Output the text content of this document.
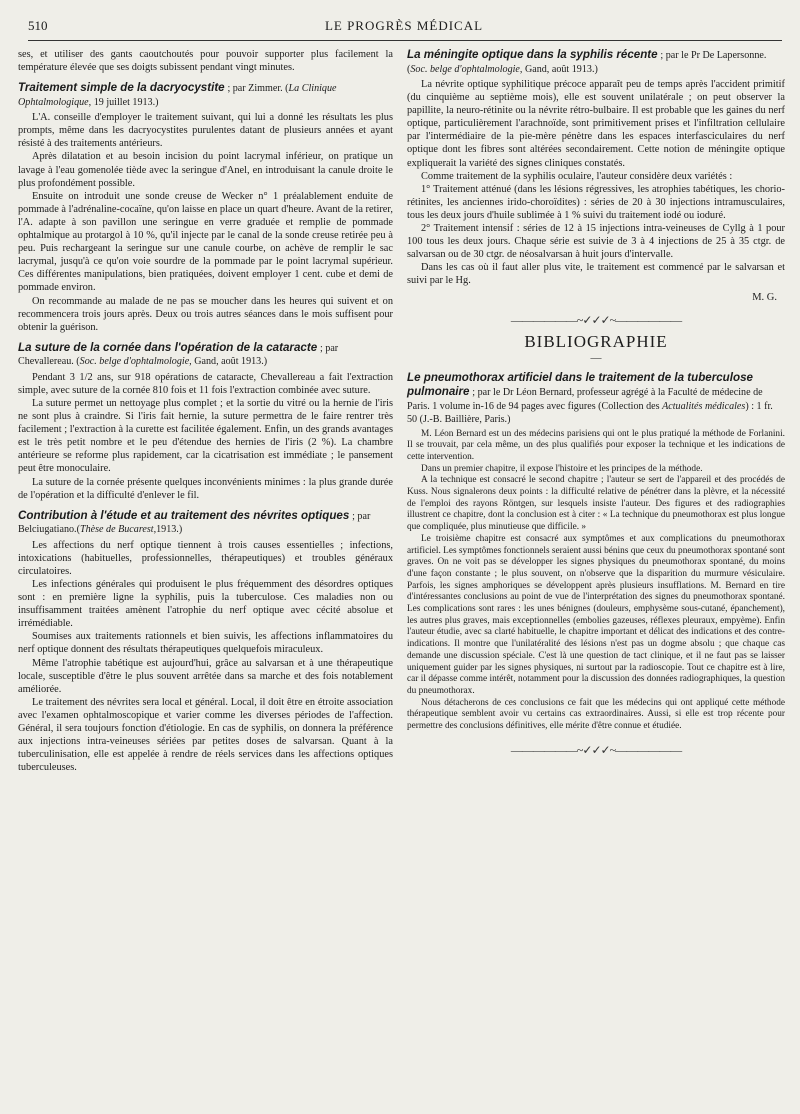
510	LE PROGRÈS MÉDICAL

ses, et utiliser des gants caoutchoutés pour pouvoir supporter plus facilement la température élevée que ses doigts subissent pendant vingt minutes.

Traitement simple de la dacryocystite ; par Zimmer. (La Clinique Ophtalmologique, 19 juillet 1913.)

L'A. conseille d'employer le traitement suivant, qui lui a donné les résultats les plus prompts, même dans les dacryocystites purulentes datant de plusieurs années et ayant résisté à des traitements antérieurs.

Après dilatation et au besoin incision du point lacrymal inférieur, on pratique un lavage à l'eau gomenolée tiède avec la seringue d'Anel, en introduisant la canule droite le plus profondément possible.

Ensuite on introduit une sonde creuse de Wecker n° 1 préalablement enduite de pommade à l'adrénaline-cocaïne, qu'on laisse en place un quart d'heure. Avant de la retirer, l'A. adapte à son pavillon une seringue en verre graduée et remplie de pommade ophtalmique au protargol à 10 %, qu'il injecte par le canal de la sonde creuse retirée peu à peu. Puis rechargeant la seringue sur une canule courbe, on achève de remplir le sac lacrymal, jusqu'à ce qu'on voie sourdre de la pommade par le point lacrymal supérieur. Ces différentes manipulations, bien pratiquées, doivent employer 1 cent. cube et demi de pommade environ.

On recommande au malade de ne pas se moucher dans les heures qui suivent et on recommencera trois jours après. Deux ou trois autres séances dans le mois suffisent pour obtenir la guérison.

La suture de la cornée dans l'opération de la cataracte ; par Chevallereau. (Soc. belge d'ophtalmologie, Gand, août 1913.)

Pendant 3 1/2 ans, sur 918 opérations de cataracte, Chevallereau a fait l'extraction simple, avec suture de la cornée 810 fois et 11 fois l'extraction combinée avec suture.

La suture permet un nettoyage plus complet ; et la sortie du vitré ou la hernie de l'iris ne sont plus à craindre. Si l'iris fait hernie, la suture permettra de le faire rentrer très facilement ; l'extraction à la curette est facilitée également. Enfin, un des grands avantages est le très petit nombre et le peu d'étendue des hernies de l'iris (2 %). La chambre antérieure se reforme plus rapidement, car la cicatrisation est immédiate ; le pansement peut être monoculaire.

La suture de la cornée présente quelques inconvénients minimes : la plus grande durée de l'opération et la difficulté d'enlever le fil.

Contribution à l'étude et au traitement des névrites optiques ; par Belciugatiano.(Thèse de Bucarest,1913.)

Les affections du nerf optique tiennent à trois causes essentielles ; infections, intoxications (habituelles, professionnelles, thérapeutiques) et troubles généraux circulatoires.

Les infections générales qui produisent le plus fréquemment des désordres optiques sont : en première ligne la syphilis, puis la tuberculose. Ces maladies non ou insuffisamment traitées amènent l'atrophie du nerf optique avec cécité absolue et irrémédiable.

Soumises aux traitements rationnels et bien suivis, les affections inflammatoires du nerf optique donnent des résultats thérapeutiques quelquefois miraculeux.

Même l'atrophie tabétique est aujourd'hui, grâce au salvarsan et à une thérapeutique locale, susceptible d'être le plus souvent arrêtée dans sa marche et des fois notablement améliorée.

Le traitement des névrites sera local et général. Local, il doit être en étroite association avec l'examen ophtalmoscopique et varier comme les diverses périodes de l'affection. Général, il sera toujours fonction d'étiologie. En cas de syphilis, on donnera la préférence aux injections intra-veineuses sériées par petites doses de salvarsan. Quant à la tuberculinisation, elle est appelée à rendre de réels services dans les affections optiques tuberculeuses.

La méningite optique dans la syphilis récente ; par le Pr De Lapersonne. (Soc. belge d'ophtalmologie, Gand, août 1913.)

La névrite optique syphilitique précoce apparaît peu de temps après l'accident primitif (du cinquième au septième mois), elle est souvent unilatérale ; on peut observer la papillite, la neuro-rétinite ou la névrite rétro-bulbaire. Il est probable que les gaines du nerf optique, particulièrement l'arachnoïde, sont primitivement prises et l'infiltration cellulaire par l'intermédiaire de la pie-mère pénètre dans les espaces interfasciculaires du nerf optique dont les fibres sont altérées secondairement. Cette notion de méningite optique expliquerait la variété des signes cliniques constatés.

Comme traitement de la syphilis oculaire, l'auteur considère deux variétés :

1° Traitement atténué (dans les lésions régressives, les atrophies tabétiques, les chorio-rétinites, les anciennes irido-choroïdites) : séries de 20 à 30 injections intramusculaires, tous les deux jours d'huile sublimée à 1 % suivi du traitement iodé ou ioduré.

2° Traitement intensif : séries de 12 à 15 injections intra-veineuses de Cyllg à 1 pour 100 tous les deux jours. Chaque série est suivie de 3 à 4 injections de 25 à 35 ctgr. de salvarsan ou de 30 ctgr. de néosalvarsan à huit jours d'intervalle.

Dans les cas où il faut aller plus vite, le traitement est commencé par le salvarsan et suivi par le Hg.

M. G.
——————~✓✓✓~——————
BIBLIOGRAPHIE
—
Le pneumothorax artificiel dans le traitement de la tuberculose pulmonaire ; par le Dr Léon Bernard, professeur agrégé à la Faculté de médecine de Paris. 1 volume in-16 de 94 pages avec figures (Collection des Actualités médicales) : 1 fr. 50 (J.-B. Baillière, Paris.)

M. Léon Bernard est un des médecins parisiens qui ont le plus pratiqué la méthode de Forlanini. Il se trouvait, par cela même, un des plus qualifiés pour exposer la technique et les indications de cette intervention.

Dans un premier chapitre, il expose l'histoire et les principes de la méthode.

A la technique est consacré le second chapitre ; l'auteur se sert de l'appareil et des procédés de Kuss. Nous signalerons deux points : la difficulté relative de pénétrer dans la plèvre, et la nécessité de l'emploi des rayons Röntgen, sur lesquels insiste l'auteur. Des figures et des radiographies illustrent ce chapitre, dont la conclusion est à citer : « La technique du pneumothorax est plus longue que compliquée, plus minutieuse que difficile. »

Le troisième chapitre est consacré aux symptômes et aux complications du pneumothorax artificiel. Les symptômes fonctionnels seraient aussi bénins que ceux du pneumothorax spontané sont graves. On ne voit pas se développer les signes physiques du pneumothorax spontané, du moins d'une façon constante ; le plus souvent, on n'observe que la disparition du murmure vésiculaire. Parfois, les signes amphoriques se développent après plusieurs insufflations. M. Bernard en tire d'intéressantes conclusions au point de vue de l'interprétation des signes du pneumothorax spontané. Les complications sont rares : les unes bénignes (douleurs, emphysème sous-cutané, épanchement), les autres plus graves, mais exceptionnelles (embolies gazeuses, réflexes pleuraux, empyème). Enfin l'auteur étudie, avec sa clarté habituelle, le chapitre important et délicat des indications et des contre-indications. Il montre que l'unilatéralité des lésions n'est pas un dogme absolu ; que chaque cas demande une discussion spéciale. C'est là une question de tact clinique, et il ne faut pas se laisser uniquement guider par les signes physiques, ni surtout par la radioscopie. Tout ce chapitre est à lire, car il dépasse comme intérêt, notamment pour la discussion des données radiographiques, la question du pneumothorax.

Nous détacherons de ces conclusions ce fait que les médecins qui ont appliqué cette méthode thérapeutique semblent avoir vu certains cas extraordinaires. Aussi, si elle est trop récente pour permettre des conclusions définitives, elle mérite d'être connue et étudiée.

——————~✓✓✓~——————
